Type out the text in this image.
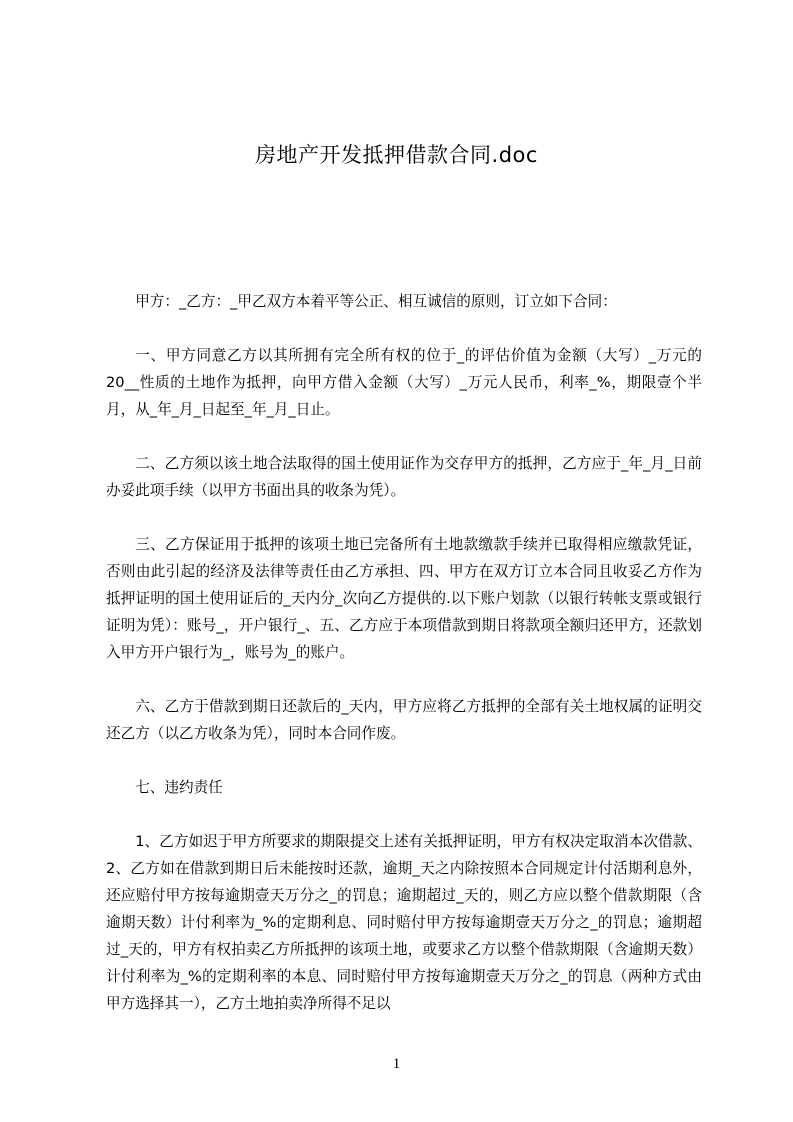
房地产开发抵押借款合同.doc

甲方：_乙方：_甲乙双方本着平等公正、相互诚信的原则，订立如下合同：

一、甲方同意乙方以其所拥有完全所有权的位于_的评估价值为金额（大写）_万元的 20__性质的土地作为抵押，向甲方借入金额（大写）_万元人民币，利率_%，期限壹个半月，从_年_月_日起至_年_月_日止。

二、乙方须以该土地合法取得的国土使用证作为交存甲方的抵押，乙方应于_年_月_日前办妥此项手续（以甲方书面出具的收条为凭）。

三、乙方保证用于抵押的该项土地已完备所有土地款缴款手续并已取得相应缴款凭证，否则由此引起的经济及法律等责任由乙方承担、四、甲方在双方订立本合同且收妥乙方作为抵押证明的国土使用证后的_天内分_次向乙方提供的.以下账户划款（以银行转帐支票或银行证明为凭）：账号_，开户银行_、五、乙方应于本项借款到期日将款项全额归还甲方，还款划入甲方开户银行为_，账号为_的账户。

六、乙方于借款到期日还款后的_天内，甲方应将乙方抵押的全部有关土地权属的证明交还乙方（以乙方收条为凭），同时本合同作废。

七、违约责任

1、乙方如迟于甲方所要求的期限提交上述有关抵押证明，甲方有权决定取消本次借款、2、乙方如在借款到期日后未能按时还款，逾期_天之内除按照本合同规定计付活期利息外，还应赔付甲方按每逾期壹天万分之_的罚息；逾期超过_天的，则乙方应以整个借款期限（含逾期天数）计付利率为_%的定期利息、同时赔付甲方按每逾期壹天万分之_的罚息；逾期超过_天的，甲方有权拍卖乙方所抵押的该项土地，或要求乙方以整个借款期限（含逾期天数）计付利率为_%的定期利率的本息、同时赔付甲方按每逾期壹天万分之_的罚息（两种方式由甲方选择其一），乙方土地拍卖净所得不足以

1
